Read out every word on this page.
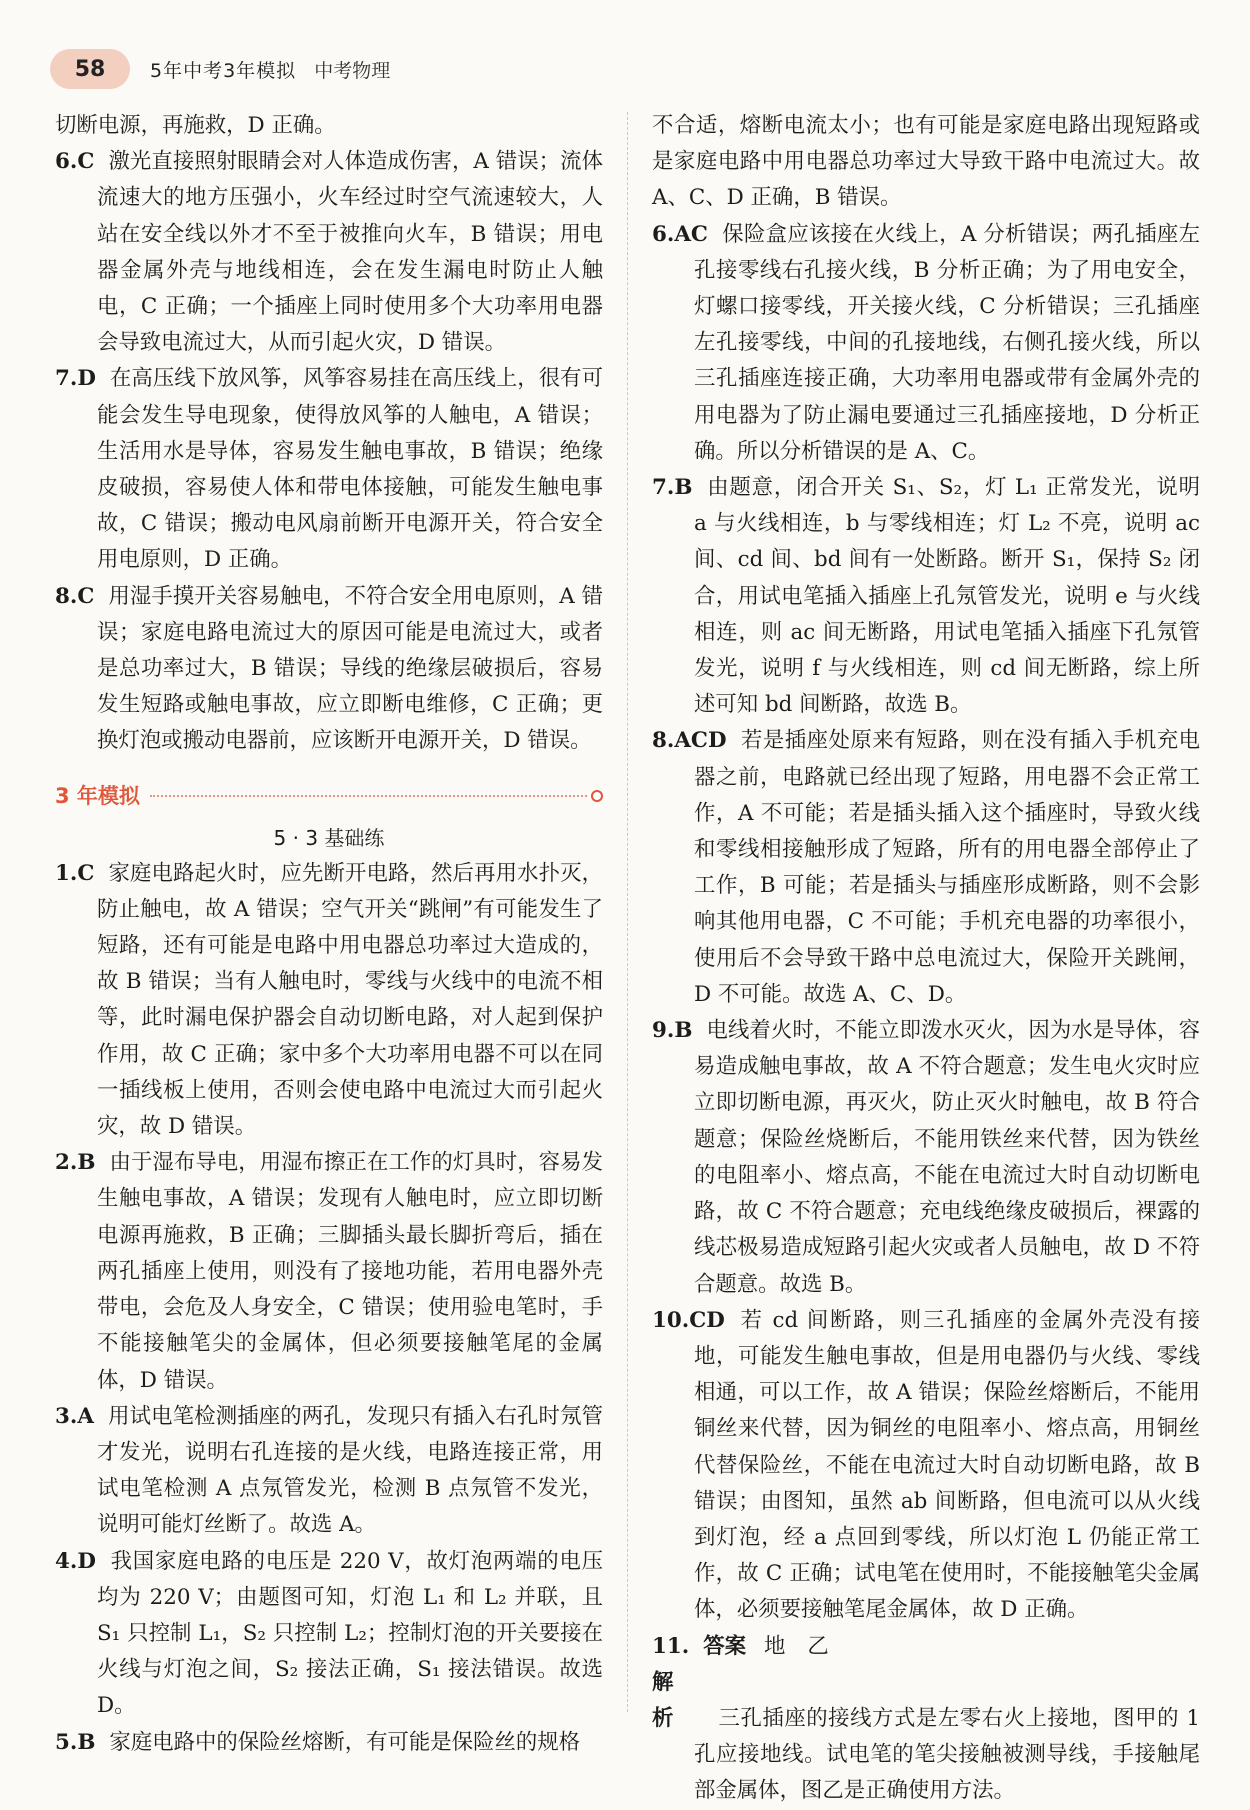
58	5年中考3年模拟 中考物理

切断电源，再施救，D 正确。

6.C 激光直接照射眼睛会对人体造成伤害，A 错误；流体流速大的地方压强小，火车经过时空气流速较大，人站在安全线以外才不至于被推向火车，B 错误；用电器金属外壳与地线相连，会在发生漏电时防止人触电，C 正确；一个插座上同时使用多个大功率用电器会导致电流过大，从而引起火灾，D 错误。

7.D 在高压线下放风筝，风筝容易挂在高压线上，很有可能会发生导电现象，使得放风筝的人触电，A 错误；生活用水是导体，容易发生触电事故，B 错误；绝缘皮破损，容易使人体和带电体接触，可能发生触电事故，C 错误；搬动电风扇前断开电源开关，符合安全用电原则，D 正确。

8.C 用湿手摸开关容易触电，不符合安全用电原则，A 错误；家庭电路电流过大的原因可能是电流过大，或者是总功率过大，B 错误；导线的绝缘层破损后，容易发生短路或触电事故，应立即断电维修，C 正确；更换灯泡或搬动电器前，应该断开电源开关，D 错误。

3 年模拟

5 · 3 基础练

1.C 家庭电路起火时，应先断开电路，然后再用水扑灭，防止触电，故 A 错误；空气开关“跳闸”有可能发生了短路，还有可能是电路中用电器总功率过大造成的，故 B 错误；当有人触电时，零线与火线中的电流不相等，此时漏电保护器会自动切断电路，对人起到保护作用，故 C 正确；家中多个大功率用电器不可以在同一插线板上使用，否则会使电路中电流过大而引起火灾，故 D 错误。

2.B 由于湿布导电，用湿布擦正在工作的灯具时，容易发生触电事故，A 错误；发现有人触电时，应立即切断电源再施救，B 正确；三脚插头最长脚折弯后，插在两孔插座上使用，则没有了接地功能，若用电器外壳带电，会危及人身安全，C 错误；使用验电笔时，手不能接触笔尖的金属体，但必须要接触笔尾的金属体，D 错误。

3.A 用试电笔检测插座的两孔，发现只有插入右孔时氖管才发光，说明右孔连接的是火线，电路连接正常，用试电笔检测 A 点氖管发光，检测 B 点氖管不发光，说明可能灯丝断了。故选 A。

4.D 我国家庭电路的电压是 220 V，故灯泡两端的电压均为 220 V；由题图可知，灯泡 L₁ 和 L₂ 并联，且 S₁ 只控制 L₁，S₂ 只控制 L₂；控制灯泡的开关要接在火线与灯泡之间，S₂ 接法正确，S₁ 接法错误。故选 D。

5.B 家庭电路中的保险丝熔断，有可能是保险丝的规格

不合适，熔断电流太小；也有可能是家庭电路出现短路或是家庭电路中用电器总功率过大导致干路中电流过大。故 A、C、D 正确，B 错误。

6.AC 保险盒应该接在火线上，A 分析错误；两孔插座左孔接零线右孔接火线，B 分析正确；为了用电安全，灯螺口接零线，开关接火线，C 分析错误；三孔插座左孔接零线，中间的孔接地线，右侧孔接火线，所以三孔插座连接正确，大功率用电器或带有金属外壳的用电器为了防止漏电要通过三孔插座接地，D 分析正确。所以分析错误的是 A、C。

7.B 由题意，闭合开关 S₁、S₂，灯 L₁ 正常发光，说明 a 与火线相连，b 与零线相连；灯 L₂ 不亮，说明 ac 间、cd 间、bd 间有一处断路。断开 S₁，保持 S₂ 闭合，用试电笔插入插座上孔氖管发光，说明 e 与火线相连，则 ac 间无断路，用试电笔插入插座下孔氖管发光，说明 f 与火线相连，则 cd 间无断路，综上所述可知 bd 间断路，故选 B。

8.ACD 若是插座处原来有短路，则在没有插入手机充电器之前，电路就已经出现了短路，用电器不会正常工作，A 不可能；若是插头插入这个插座时，导致火线和零线相接触形成了短路，所有的用电器全部停止了工作，B 可能；若是插头与插座形成断路，则不会影响其他用电器，C 不可能；手机充电器的功率很小，使用后不会导致干路中总电流过大，保险开关跳闸，D 不可能。故选 A、C、D。

9.B 电线着火时，不能立即泼水灭火，因为水是导体，容易造成触电事故，故 A 不符合题意；发生电火灾时应立即切断电源，再灭火，防止灭火时触电，故 B 符合题意；保险丝烧断后，不能用铁丝来代替，因为铁丝的电阻率小、熔点高，不能在电流过大时自动切断电路，故 C 不符合题意；充电线绝缘皮破损后，裸露的线芯极易造成短路引起火灾或者人员触电，故 D 不符合题意。故选 B。

10.CD 若 cd 间断路，则三孔插座的金属外壳没有接地，可能发生触电事故，但是用电器仍与火线、零线相通，可以工作，故 A 错误；保险丝熔断后，不能用铜丝来代替，因为铜丝的电阻率小、熔点高，用铜丝代替保险丝，不能在电流过大时自动切断电路，故 B 错误；由图知，虽然 ab 间断路，但电流可以从火线到灯泡，经 a 点回到零线，所以灯泡 L 仍能正常工作，故 C 正确；试电笔在使用时，不能接触笔尖金属体，必须要接触笔尾金属体，故 D 正确。

11. 答案 地 乙

解析 三孔插座的接线方式是左零右火上接地，图甲的 1 孔应接地线。试电笔的笔尖接触被测导线，手接触尾部金属体，图乙是正确使用方法。
